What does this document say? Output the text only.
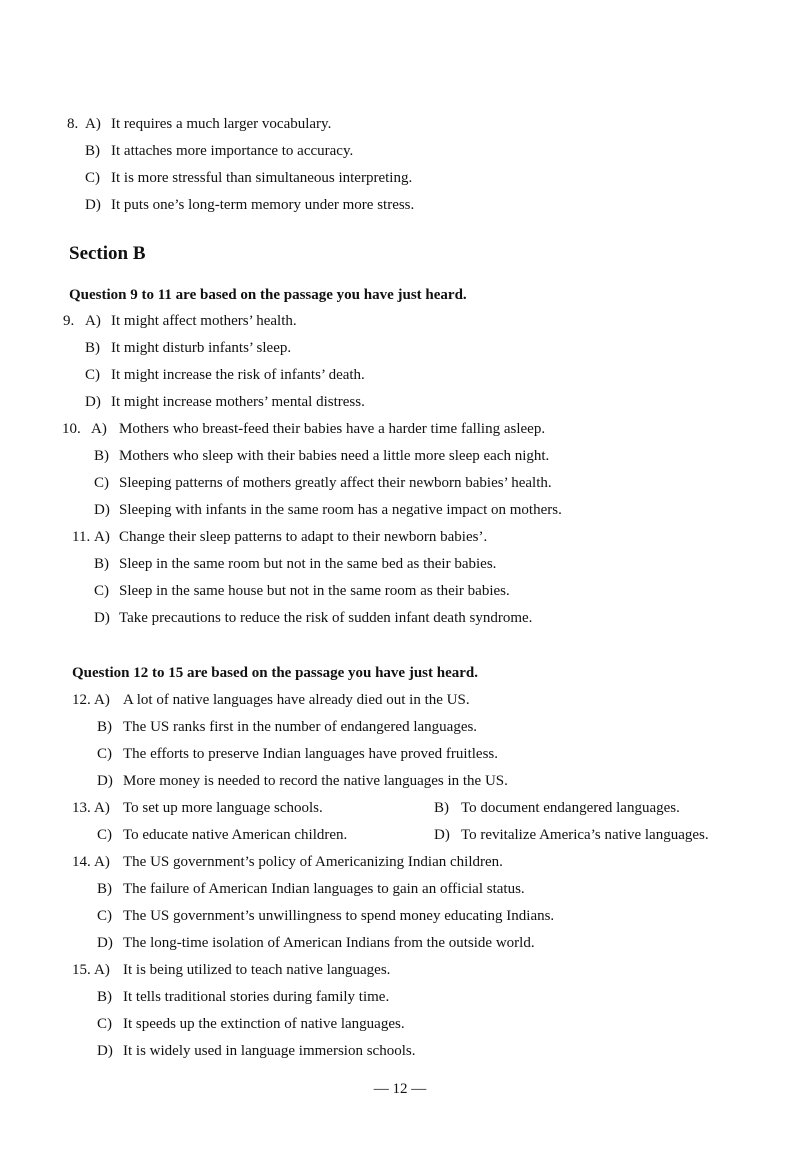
8. A) It requires a much larger vocabulary.
B) It attaches more importance to accuracy.
C) It is more stressful than simultaneous interpreting.
D) It puts one’s long-term memory under more stress.
Section B
Question 9 to 11 are based on the passage you have just heard.
9. A) It might affect mothers’ health.
B) It might disturb infants’ sleep.
C) It might increase the risk of infants’ death.
D) It might increase mothers’ mental distress.
10. A) Mothers who breast-feed their babies have a harder time falling asleep.
B) Mothers who sleep with their babies need a little more sleep each night.
C) Sleeping patterns of mothers greatly affect their newborn babies’ health.
D) Sleeping with infants in the same room has a negative impact on mothers.
11. A) Change their sleep patterns to adapt to their newborn babies’.
B) Sleep in the same room but not in the same bed as their babies.
C) Sleep in the same house but not in the same room as their babies.
D) Take precautions to reduce the risk of sudden infant death syndrome.
Question 12 to 15 are based on the passage you have just heard.
12. A) A lot of native languages have already died out in the US.
B) The US ranks first in the number of endangered languages.
C) The efforts to preserve Indian languages have proved fruitless.
D) More money is needed to record the native languages in the US.
13. A) To set up more language schools.	B) To document endangered languages.
C) To educate native American children.	D) To revitalize America’s native languages.
14. A) The US government’s policy of Americanizing Indian children.
B) The failure of American Indian languages to gain an official status.
C) The US government’s unwillingness to spend money educating Indians.
D) The long-time isolation of American Indians from the outside world.
15. A) It is being utilized to teach native languages.
B) It tells traditional stories during family time.
C) It speeds up the extinction of native languages.
D) It is widely used in language immersion schools.
— 12 —
